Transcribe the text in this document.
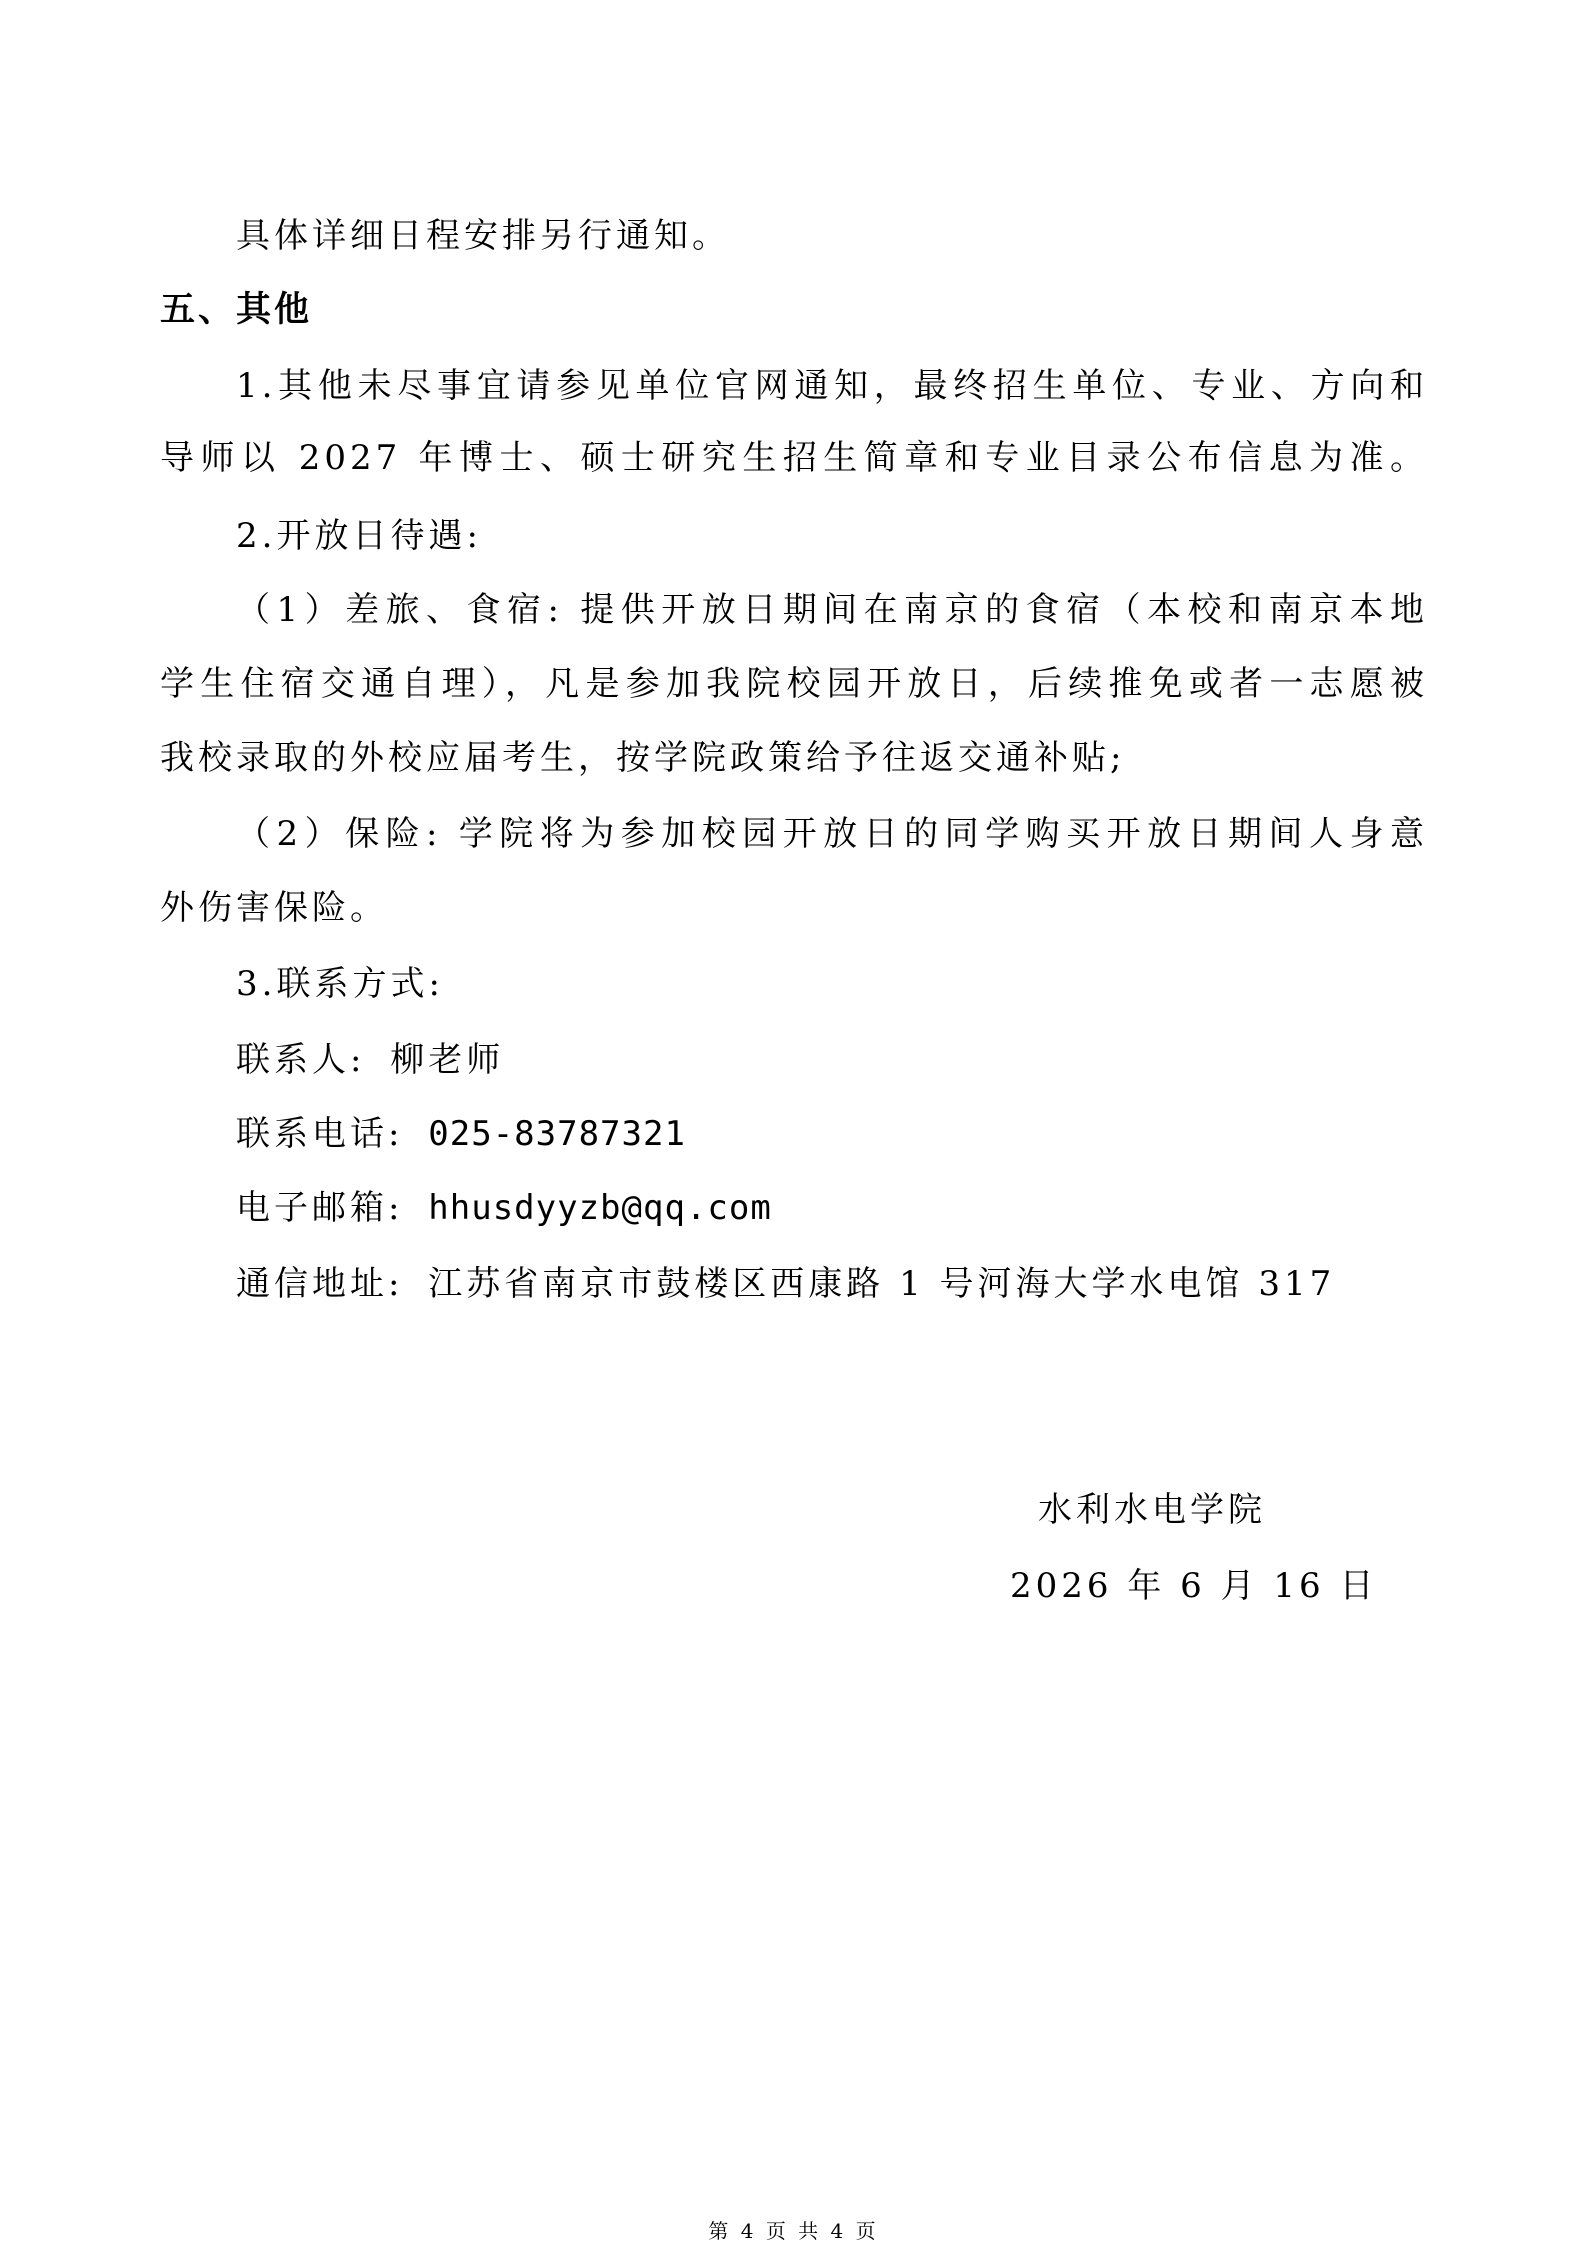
具体详细日程安排另行通知。
五、其他
1.其他未尽事宜请参见单位官网通知，最终招生单位、专业、方向和
导师以 2027 年博士、硕士研究生招生简章和专业目录公布信息为准。
2.开放日待遇:
（1）差旅、食宿: 提供开放日期间在南京的食宿（本校和南京本地
学生住宿交通自理），凡是参加我院校园开放日，后续推免或者一志愿被
我校录取的外校应届考生，按学院政策给予往返交通补贴;
（2）保险: 学院将为参加校园开放日的同学购买开放日期间人身意
外伤害保险。
3.联系方式:
联系人: 柳老师
联系电话: 025-83787321
电子邮箱: hhusdyyzb@qq.com
通信地址: 江苏省南京市鼓楼区西康路 1 号河海大学水电馆 317
水利水电学院
2026 年 6 月 16 日
第 4 页 共 4 页
